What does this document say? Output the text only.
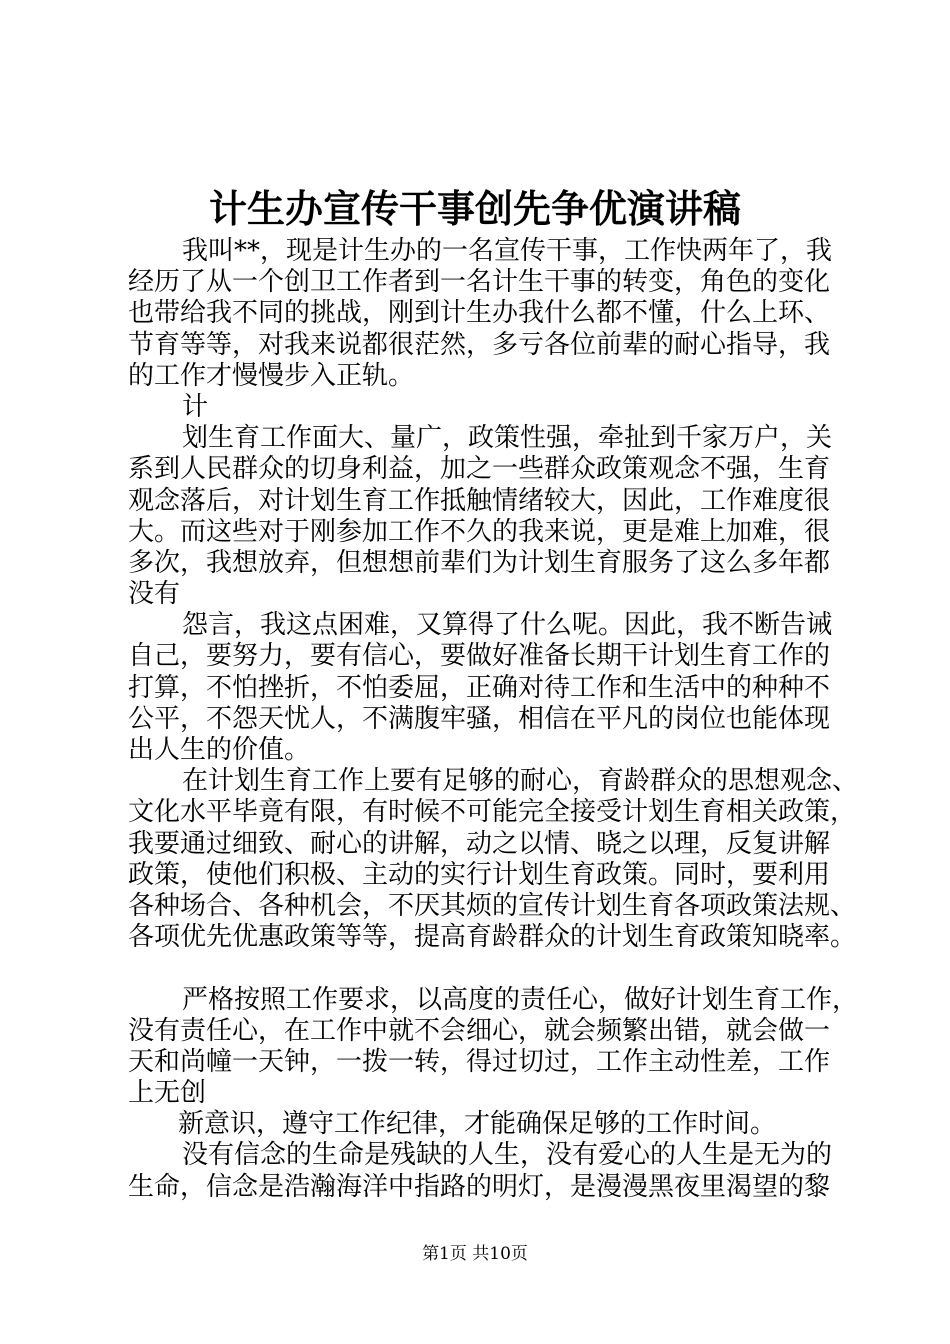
计生办宣传干事创先争优演讲稿
我叫**，现是计生办的一名宣传干事，工作快两年了，我
经历了从一个创卫工作者到一名计生干事的转变，角色的变化
也带给我不同的挑战，刚到计生办我什么都不懂，什么上环、
节育等等，对我来说都很茫然，多亏各位前辈的耐心指导，我
的工作才慢慢步入正轨。
计
划生育工作面大、量广，政策性强，牵扯到千家万户，关
系到人民群众的切身利益，加之一些群众政策观念不强，生育
观念落后，对计划生育工作抵触情绪较大，因此，工作难度很
大。而这些对于刚参加工作不久的我来说，更是难上加难，很
多次，我想放弃，但想想前辈们为计划生育服务了这么多年都
没有
怨言，我这点困难，又算得了什么呢。因此，我不断告诫
自己，要努力，要有信心，要做好准备长期干计划生育工作的
打算，不怕挫折，不怕委屈，正确对待工作和生活中的种种不
公平，不怨天忧人，不满腹牢骚，相信在平凡的岗位也能体现
出人生的价值。
在计划生育工作上要有足够的耐心，育龄群众的思想观念、
文化水平毕竟有限，有时候不可能完全接受计划生育相关政策，
我要通过细致、耐心的讲解，动之以情、晓之以理，反复讲解
政策，使他们积极、主动的实行计划生育政策。同时，要利用
各种场合、各种机会，不厌其烦的宣传计划生育各项政策法规、
各项优先优惠政策等等，提高育龄群众的计划生育政策知晓率。
严格按照工作要求，以高度的责任心，做好计划生育工作，
没有责任心，在工作中就不会细心，就会频繁出错，就会做一
天和尚幢一天钟，一拨一转，得过切过，工作主动性差，工作
上无创
新意识，遵守工作纪律，才能确保足够的工作时间。
没有信念的生命是残缺的人生，没有爱心的人生是无为的
生命，信念是浩瀚海洋中指路的明灯，是漫漫黑夜里渴望的黎
第1页 共10页
